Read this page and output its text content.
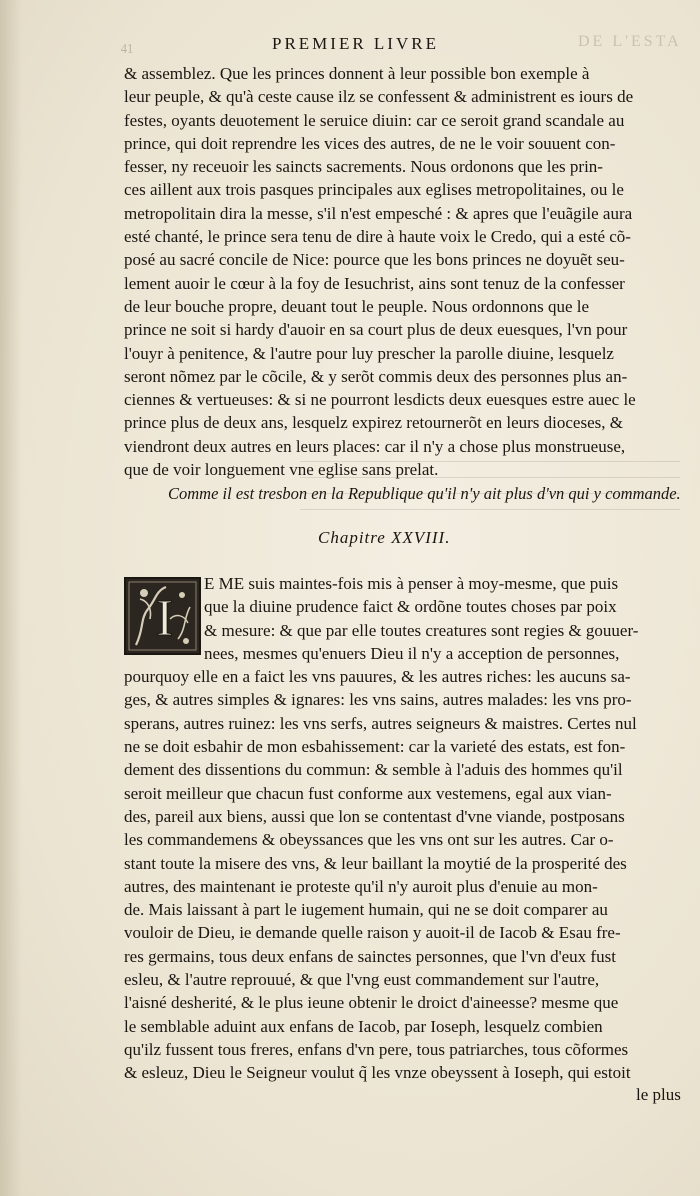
41	PREMIER LIVRE	DE L'ESTA
& assemblez. Que les princes donnent à leur possible bon exemple à
leur peuple, & qu'à ceste cause ilz se confessent & administrent es iours de
festes, oyants deuotement le seruice diuin: car ce seroit grand scandale au
prince, qui doit reprendre les vices des autres, de ne le voir souuent con-
fesser, ny receuoir les saincts sacrements. Nous ordonons que les prin-
ces aillent aux trois pasques principales aux eglises metropolitaines, ou le
metropolitain dira la messe, s'il n'est empesché : & apres que l'euãgile aura
esté chanté, le prince sera tenu de dire à haute voix le Credo, qui a esté cõ-
posé au sacré concile de Nice: pource que les bons princes ne doyuẽt seu-
lement auoir le cœur à la foy de Iesuchrist, ains sont tenuz de la confesser
de leur bouche propre, deuant tout le peuple. Nous ordonnons que le
prince ne soit si hardy d'auoir en sa court plus de deux euesques, l'vn pour
l'ouyr à penitence, & l'autre pour luy prescher la parolle diuine, lesquelz
seront nõmez par le cõcile, & y serõt commis deux des personnes plus an-
ciennes & vertueuses: & si ne pourront lesdicts deux euesques estre auec le
prince plus de deux ans, lesquelz expirez retournerõt en leurs dioceses, &
viendront deux autres en leurs places: car il n'y a chose plus monstrueuse,
que de voir longuement vne eglise sans prelat.
Comme il est tresbon en la Republique qu'il n'y ait plus d'vn qui y commande.
Chapitre XXVIII.
I
E ME suis maintes-fois mis à penser à moy-mesme, que puis
que la diuine prudence faict & ordõne toutes choses par poix
& mesure: & que par elle toutes creatures sont regies & gouuer-
nees, mesmes qu'enuers Dieu il n'y a acception de personnes,
pourquoy elle en a faict les vns pauures, & les autres riches: les aucuns sa-
ges, & autres simples & ignares: les vns sains, autres malades: les vns pro-
sperans, autres ruinez: les vns serfs, autres seigneurs & maistres. Certes nul
ne se doit esbahir de mon esbahissement: car la varieté des estats, est fon-
dement des dissentions du commun: & semble à l'aduis des hommes qu'il
seroit meilleur que chacun fust conforme aux vestemens, egal aux vian-
des, pareil aux biens, aussi que lon se contentast d'vne viande, postposans
les commandemens & obeyssances que les vns ont sur les autres. Car o-
stant toute la misere des vns, & leur baillant la moytié de la prosperité des
autres, des maintenant ie proteste qu'il n'y auroit plus d'enuie au mon-
de. Mais laissant à part le iugement humain, qui ne se doit comparer au
vouloir de Dieu, ie demande quelle raison y auoit-il de Iacob & Esau fre-
res germains, tous deux enfans de sainctes personnes, que l'vn d'eux fust
esleu, & l'autre reprouué, & que l'vng eust commandement sur l'autre,
l'aisné desherité, & le plus ieune obtenir le droict d'aineesse? mesme que
le semblable aduint aux enfans de Iacob, par Ioseph, lesquelz combien
qu'ilz fussent tous freres, enfans d'vn pere, tous patriarches, tous cõformes
& esleuz, Dieu le Seigneur voulut q̃ les vnze obeyssent à Ioseph, qui estoit
le plus
